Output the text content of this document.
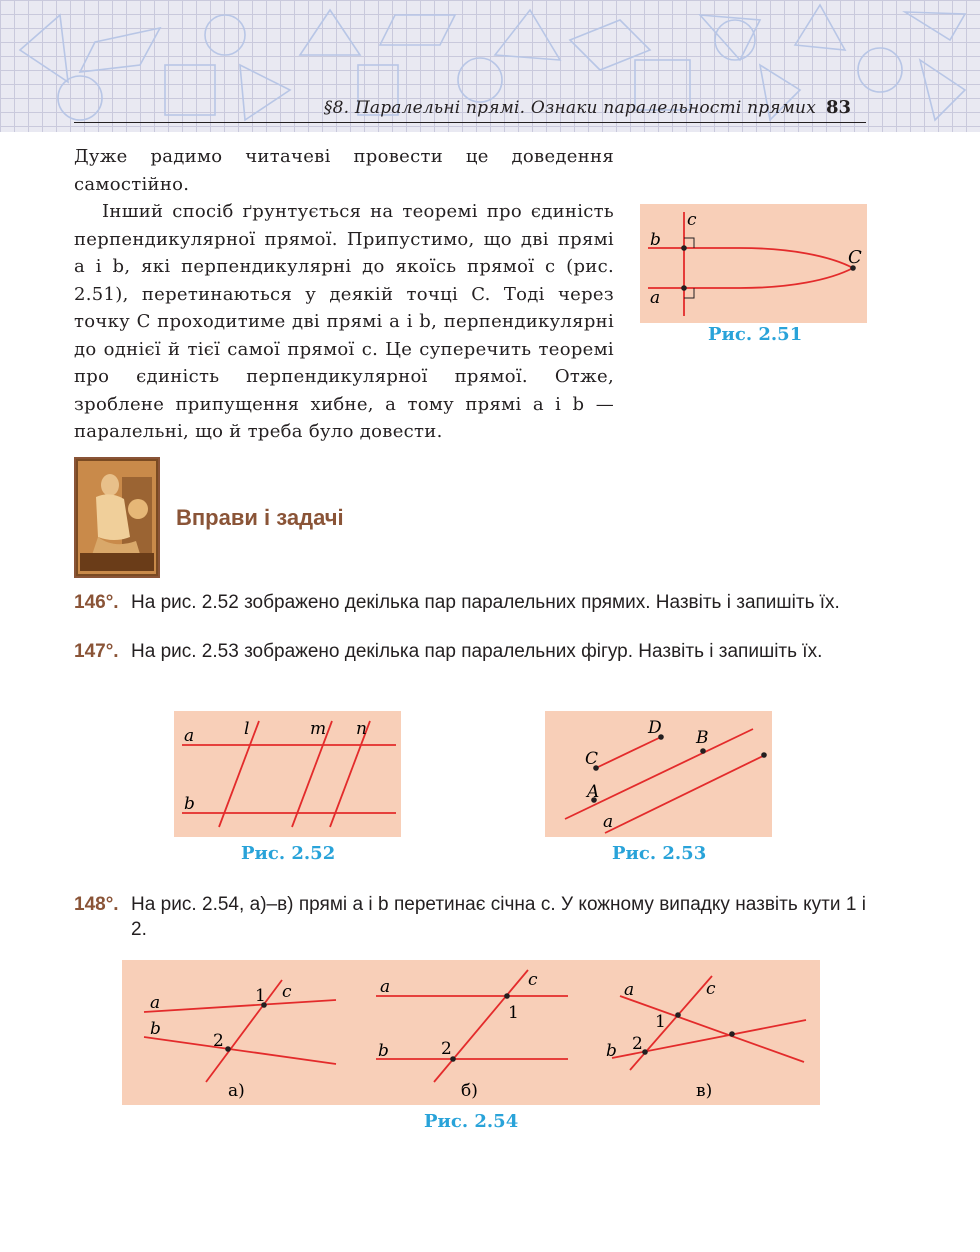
§8. Паралельні прямі. Ознаки паралельності прямих 83

Дуже радимо читачеві провести це доведення самостійно.

Інший спосіб ґрунтується на теоремі про єдиність перпендикулярної прямої. Припустимо, що дві прямі a і b, які перпендикулярні до якоїсь прямої c (рис. 2.51), перетинаються у деякій точці C. Тоді через точку C проходитиме дві прямі a і b, перпендикулярні до однієї й тієї самої прямої c. Це суперечить теоремі про єдиність перпендикулярної прямої. Отже, зроблене припущення хибне, а тому прямі a і b — паралельні, що й треба було довести.

c
b
a
C
Рис. 2.51
Вправи і задачі
146°. На рис. 2.52 зображено декілька пар паралельних прямих. Назвіть і запишіть їх.
147°. На рис. 2.53 зображено декілька пар паралельних фігур. Назвіть і запишіть їх.
a
b
l	m n
Рис. 2.52
D B
C
A
a
Рис. 2.53
148°. На рис. 2.54, а)–в) прямі a і b перетинає січна c. У кожному випадку назвіть кути 1 і 2.
a
b
c
1
2
а)
a
b
c
1
2
б)
a
b
c
1
2
в)
Рис. 2.54
